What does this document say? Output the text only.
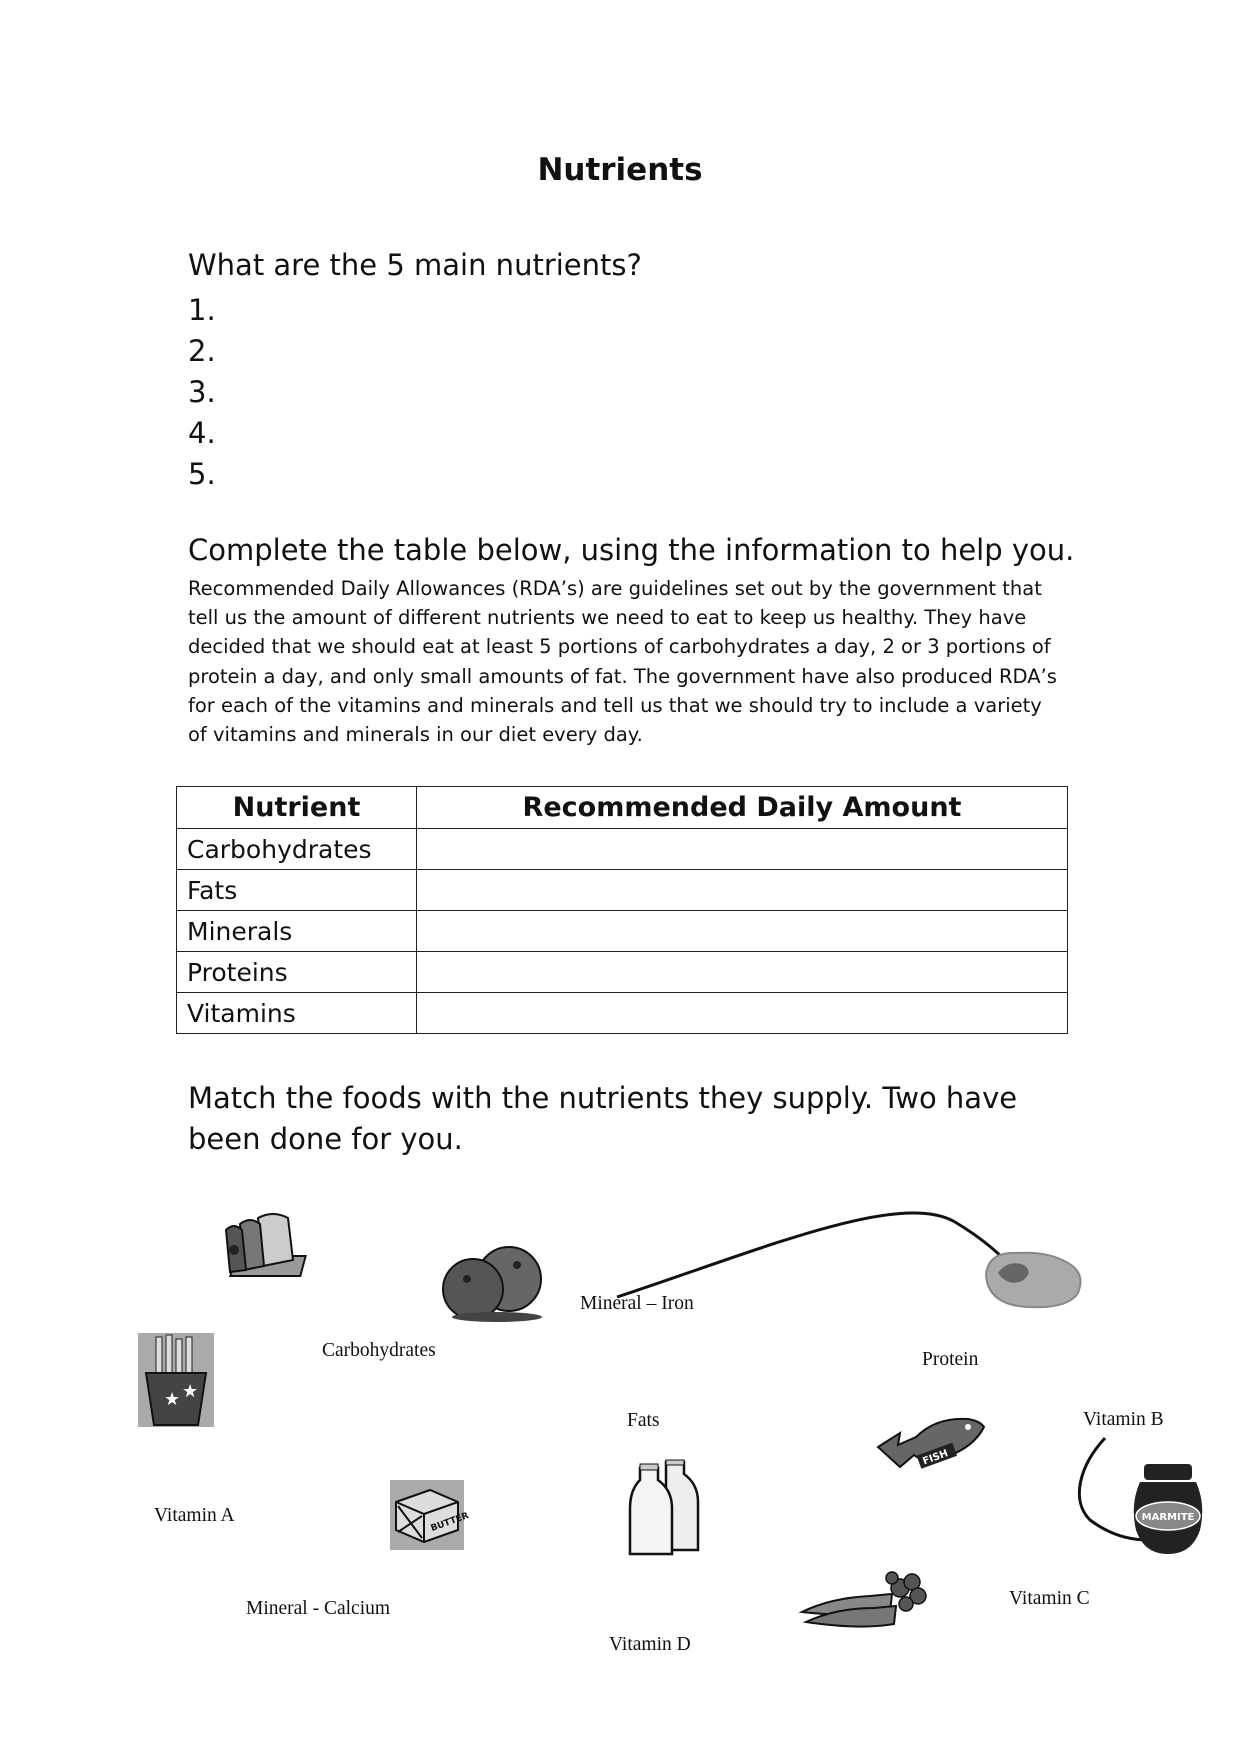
Nutrients
What are the 5 main nutrients?
1.
2.
3.
4.
5.
Complete the table below, using the information to help you.
Recommended Daily Allowances (RDA’s) are guidelines set out by the government that tell us the amount of different nutrients we need to eat to keep us healthy. They have decided that we should eat at least 5 portions of carbohydrates a day, 2 or 3 portions of protein a day, and only small amounts of fat. The government have also produced RDA’s for each of the vitamins and minerals and tell us that we should try to include a variety of vitamins and minerals in our diet every day.
Nutrient	Recommended Daily Amount
Carbohydrates	
Fats	
Minerals	
Proteins	
Vitamins	
Match the foods with the nutrients they supply. Two have been done for you.
Mineral – Iron
Carbohydrates	Protein
Fats	Vitamin B
Vitamin A
Mineral - Calcium	Vitamin C
Vitamin D
★ ★
FISH
MARMITE
BUTTER
